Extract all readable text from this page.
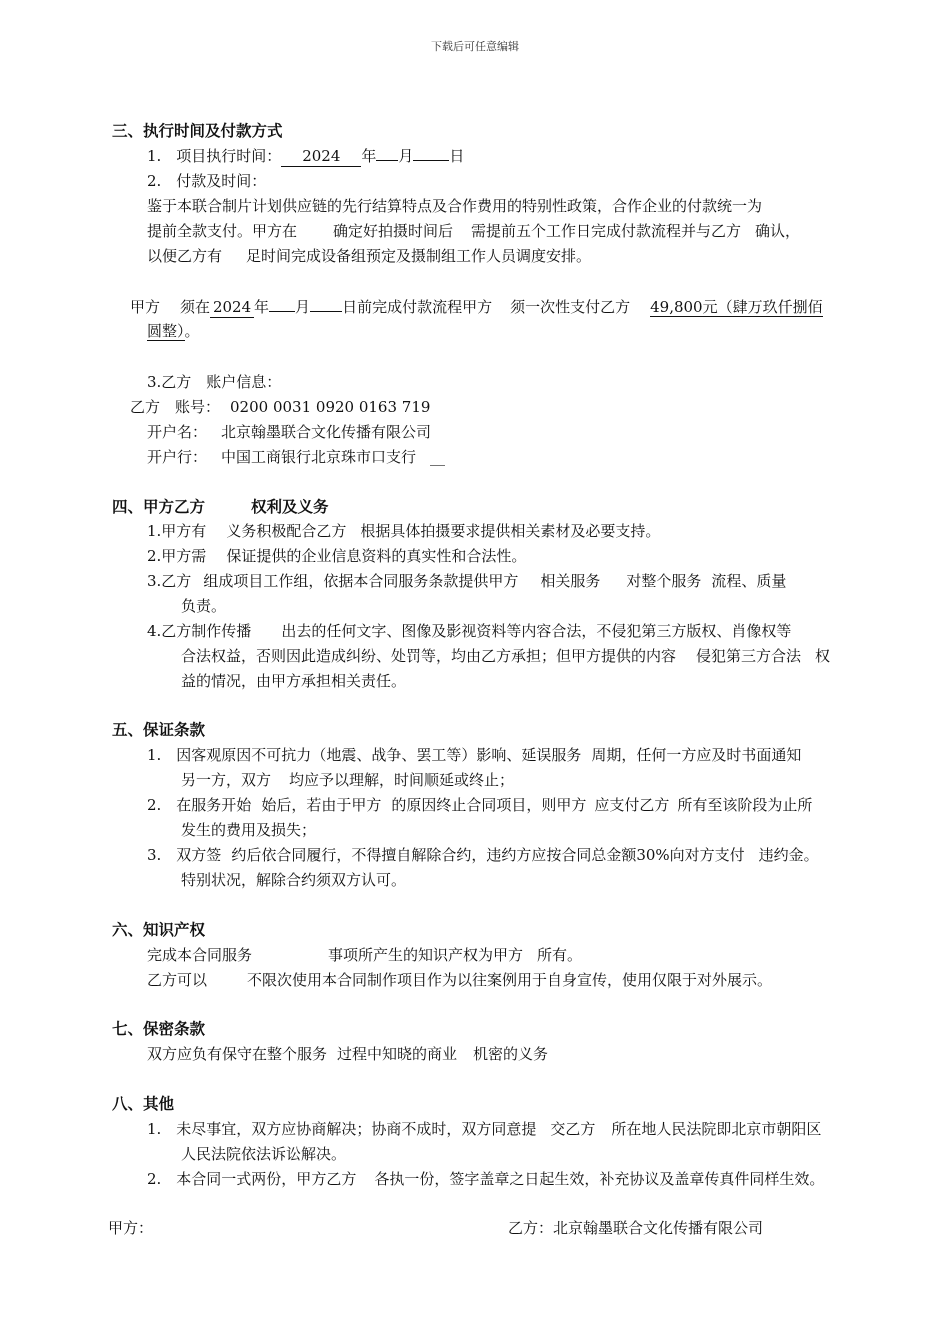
下载后可任意编辑
三、执行时间及付款方式
1.　项目执行时间： 2024 年 月 日
2.　付款及时间：
鉴于本联合制片计划供应链的先行结算特点及合作费用的特别性政策，合作企业的付款统一为
提前全款支付。甲方在 确定好拍摄时间后 需提前五个工作日完成付款流程并与乙方 确认，
以便乙方有 足时间完成设备组预定及摄制组工作人员调度安排。
甲方 须在 2024 年 月 日前完成付款流程甲方 须一次性支付乙方 49,800元（肆万玖仟捌佰
圆整）。
3.乙方　账户信息：
乙方　账号： 0200 0031 0920 0163 719
开户名： 北京翰墨联合文化传播有限公司
开户行： 中国工商银行北京珠市口支行 __
四、甲方乙方	权利及义务
1.甲方有 义务积极配合乙方 根据具体拍摄要求提供相关素材及必要支持。
2.甲方需 保证提供的企业信息资料的真实性和合法性。
3.乙方 组成项目工作组，依据本合同服务条款提供甲方 相关服务 对整个服务 流程、质量
负责。
4.乙方制作传播 出去的任何文字、图像及影视资料等内容合法，不侵犯第三方版权、肖像权等
合法权益，否则因此造成纠纷、处罚等，均由乙方承担；但甲方提供的内容 侵犯第三方合法 权
益的情况，由甲方承担相关责任。
五、保证条款
1.　因客观原因不可抗力（地震、战争、罢工等）影响、延误服务 周期，任何一方应及时书面通知
另一方，双方 均应予以理解，时间顺延或终止；
2.　在服务开始 始后，若由于甲方 的原因终止合同项目，则甲方 应支付乙方 所有至该阶段为止所
发生的费用及损失；
3.　双方签 约后依合同履行，不得擅自解除合约，违约方应按合同总金额30%向对方支付 违约金。
特别状况，解除合约须双方认可。
六、知识产权
完成本合同服务	事项所产生的知识产权为甲方 所有。
乙方可以	不限次使用本合同制作项目作为以往案例用于自身宣传，使用仅限于对外展示。
七、保密条款
双方应负有保守在整个服务 过程中知晓的商业 机密的义务
八、其他
1.　未尽事宜，双方应协商解决；协商不成时，双方同意提 交乙方 所在地人民法院即北京市朝阳区
人民法院依法诉讼解决。
2.　本合同一式两份，甲方乙方 各执一份，签字盖章之日起生效，补充协议及盖章传真件同样生效。
甲方：	乙方：北京翰墨联合文化传播有限公司
